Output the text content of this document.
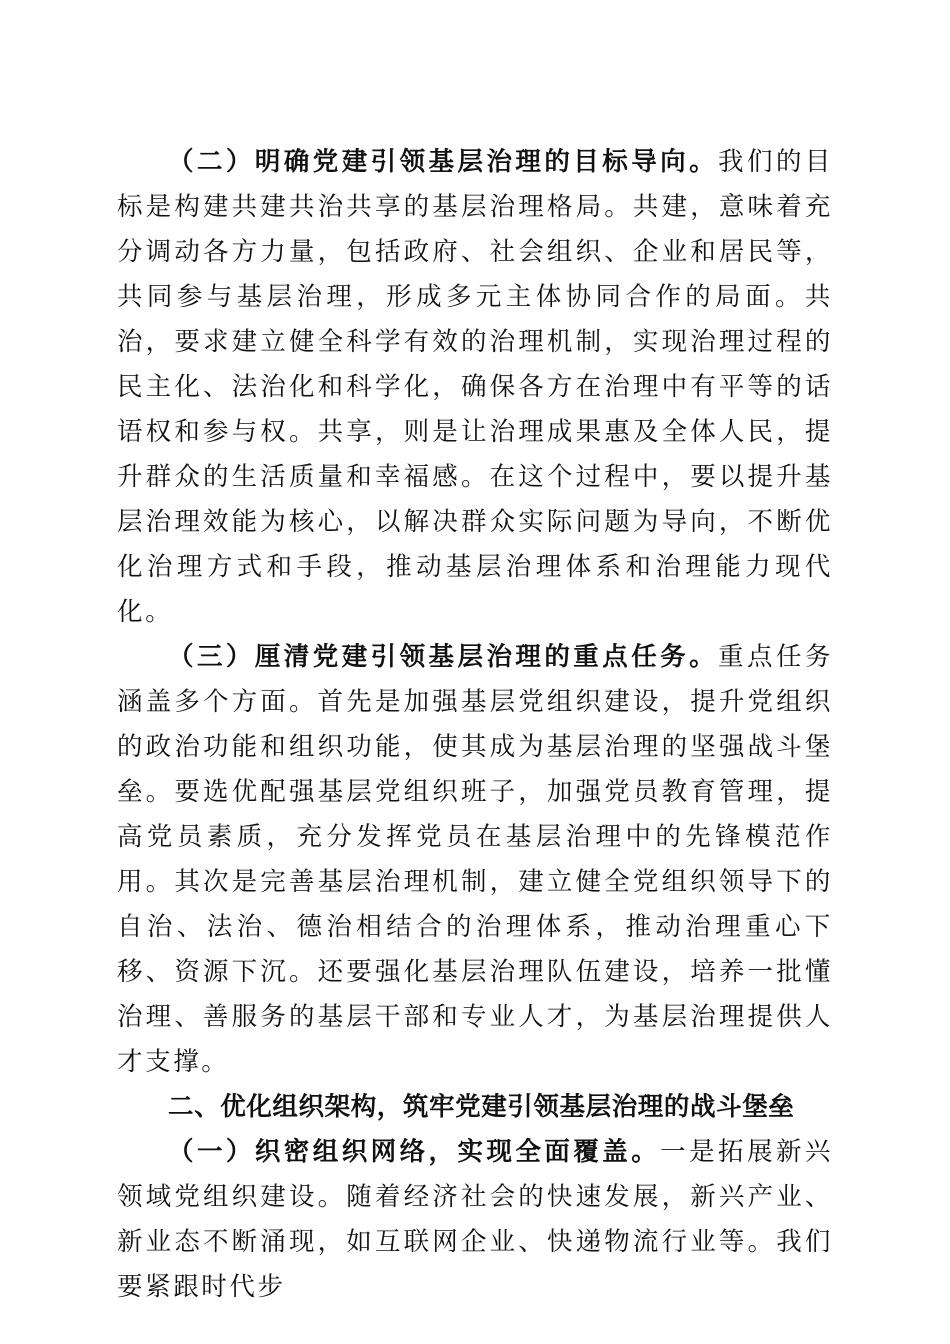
（二）明确党建引领基层治理的目标导向。我们的目标是构建共建共治共享的基层治理格局。共建，意味着充分调动各方力量，包括政府、社会组织、企业和居民等，共同参与基层治理，形成多元主体协同合作的局面。共治，要求建立健全科学有效的治理机制，实现治理过程的民主化、法治化和科学化，确保各方在治理中有平等的话语权和参与权。共享，则是让治理成果惠及全体人民，提升群众的生活质量和幸福感。在这个过程中，要以提升基层治理效能为核心，以解决群众实际问题为导向，不断优化治理方式和手段，推动基层治理体系和治理能力现代化。

（三）厘清党建引领基层治理的重点任务。重点任务涵盖多个方面。首先是加强基层党组织建设，提升党组织的政治功能和组织功能，使其成为基层治理的坚强战斗堡垒。要选优配强基层党组织班子，加强党员教育管理，提高党员素质，充分发挥党员在基层治理中的先锋模范作用。其次是完善基层治理机制，建立健全党组织领导下的自治、法治、德治相结合的治理体系，推动治理重心下移、资源下沉。还要强化基层治理队伍建设，培养一批懂治理、善服务的基层干部和专业人才，为基层治理提供人才支撑。

二、优化组织架构，筑牢党建引领基层治理的战斗堡垒

（一）织密组织网络，实现全面覆盖。一是拓展新兴领域党组织建设。随着经济社会的快速发展，新兴产业、新业态不断涌现，如互联网企业、快递物流行业等。我们要紧跟时代步
